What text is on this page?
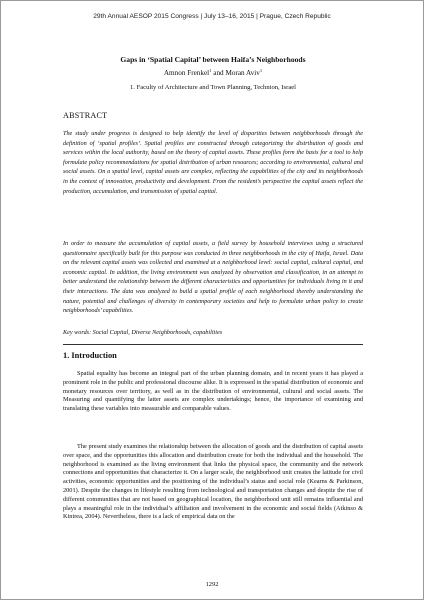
29th Annual AESOP 2015 Congress | July 13–16, 2015 | Prague, Czech Republic
Gaps in ‘Spatial Capital’ between Haifa’s Neighborhoods
Amnon Frenkel$^1$ and Moran Aviv$^1$
1. Faculty of Architecture and Town Planning, Technion, Israel
ABSTRACT
The study under progress is designed to help identify the level of disparities between neighborhoods through the definition of ‘spatial profiles’. Spatial profiles are constructed through categorizing the distribution of goods and services within the local authority, based on the theory of capital assets. These profiles form the basis for a tool to help formulate policy recommendations for spatial distribution of urban resources; according to environmental, cultural and social assets. On a spatial level, capital assets are complex, reflecting the capabilities of the city and its neighborhoods in the context of innovation, productivity and development. From the resident’s perspective the capital assets reflect the production, accumulation, and transmission of spatial capital.
In order to measure the accumulation of capital assets, a field survey by household interviews using a structured questionnaire specifically built for this purpose was conducted in three neighborhoods in the city of Haifa, Israel. Data on the relevant capital assets was collected and examined at a neighborhood level: social capital, cultural capital, and economic capital. In addition, the living environment was analyzed by observation and classification, in an attempt to better understand the relationship between the different characteristics and opportunities for individuals living in it and their interactions. The data was analyzed to build a spatial profile of each neighborhood thereby understanding the nature, potential and challenges of diversity in contemporary societies and help to formulate urban policy to create neighborhoods’ capabilities.
Key words: Social Capital, Diverse Neighborhoods, capabilities
1. Introduction
Spatial equality has become an integral part of the urban planning domain, and in recent years it has played a prominent role in the public and professional discourse alike. It is expressed in the spatial distribution of economic and monetary resources over territory, as well as in the distribution of environmental, cultural and social assets. The Measuring and quantifying the latter assets are complex undertakings; hence, the importance of examining and translating these variables into measurable and comparable values.
The present study examines the relationship between the allocation of goods and the distribution of capital assets over space, and the opportunities this allocation and distribution create for both the individual and the household. The neighborhood is examined as the living environment that links the physical space, the community and the network connections and opportunities that characterize it. On a larger scale, the neighborhood unit creates the latitude for civil activities, economic opportunities and the positioning of the individual’s status and social role (Kearns & Parkinson, 2001). Despite the changes in lifestyle resulting from technological and transportation changes and despite the rise of different communities that are not based on geographical location, the neighborhood unit still remains influential and plays a meaningful role in the individual’s affiliation and involvement in the economic and social fields (Atkinso & Kintrea, 2004). Nevertheless, there is a lack of empirical data on the
1292
